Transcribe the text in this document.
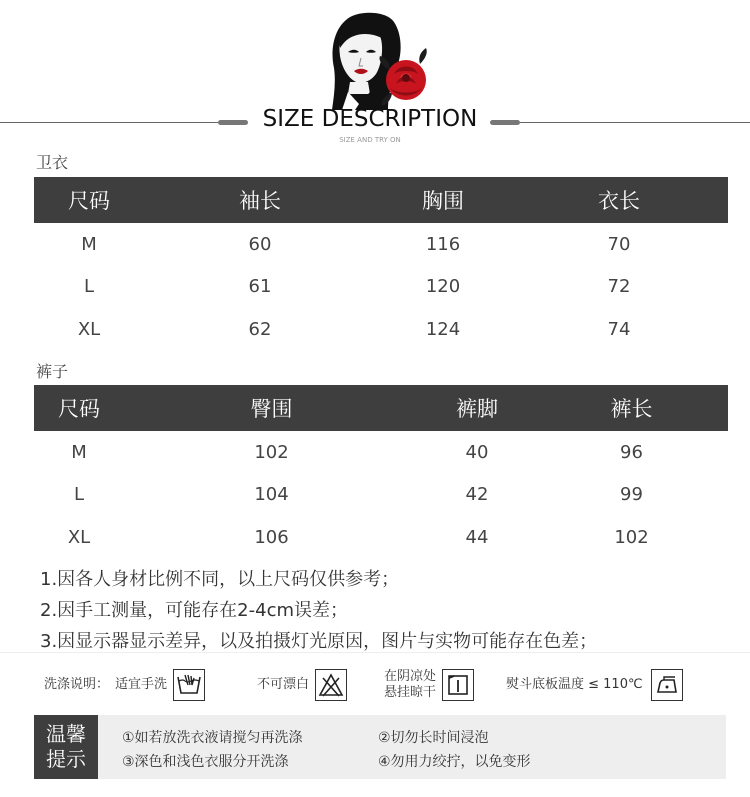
SIZE DESCRIPTION
SIZE AND TRY ON
卫衣
尺码	袖长	胸围	衣长
M	60	116	70
L	61	120	72
XL	62	124	74
裤子
尺码	臀围	裤脚	裤长
M	102	40	96
L	104	42	99
XL	106	44	102
1.因各人身材比例不同，以上尺码仅供参考；
2.因手工测量，可能存在2-4cm误差；
3.因显示器显示差异，以及拍摄灯光原因，图片与实物可能存在色差；
洗涤说明： 适宜手洗	不可漂白
在阴凉处
悬挂晾干
熨斗底板温度 ≤ 110℃
温馨
提示
①如若放洗衣液请搅匀再洗涤	②切勿长时间浸泡
③深色和浅色衣服分开洗涤	④勿用力绞拧，以免变形
